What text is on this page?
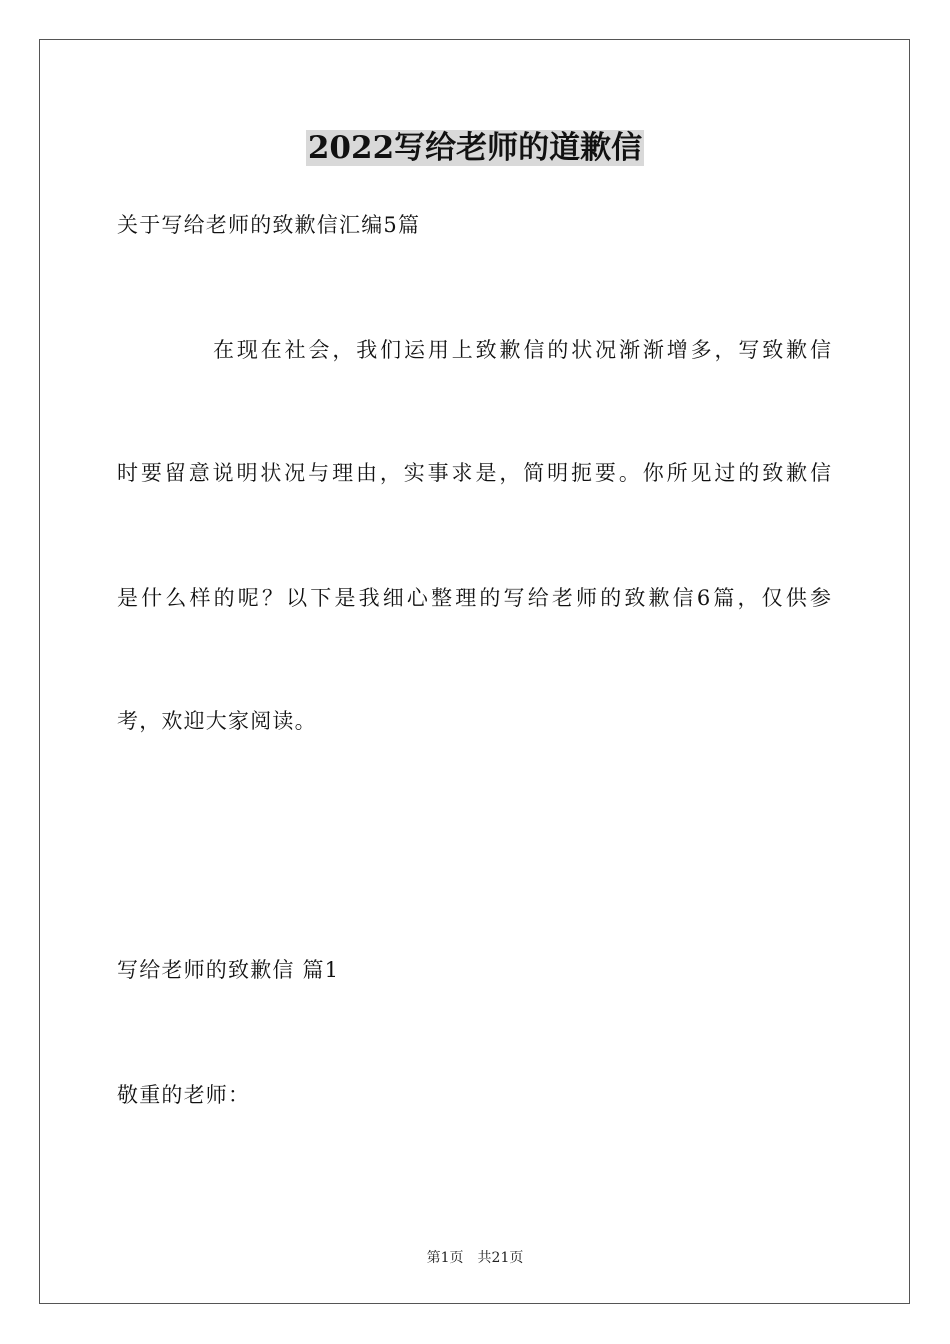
2022写给老师的道歉信
关于写给老师的致歉信汇编5篇
在现在社会，我们运用上致歉信的状况渐渐增多，写致歉信
时要留意说明状况与理由，实事求是，简明扼要。你所见过的致歉信
是什么样的呢？以下是我细心整理的写给老师的致歉信6篇，仅供参
考，欢迎大家阅读。
写给老师的致歉信 篇1
敬重的老师：
第1页 共21页
